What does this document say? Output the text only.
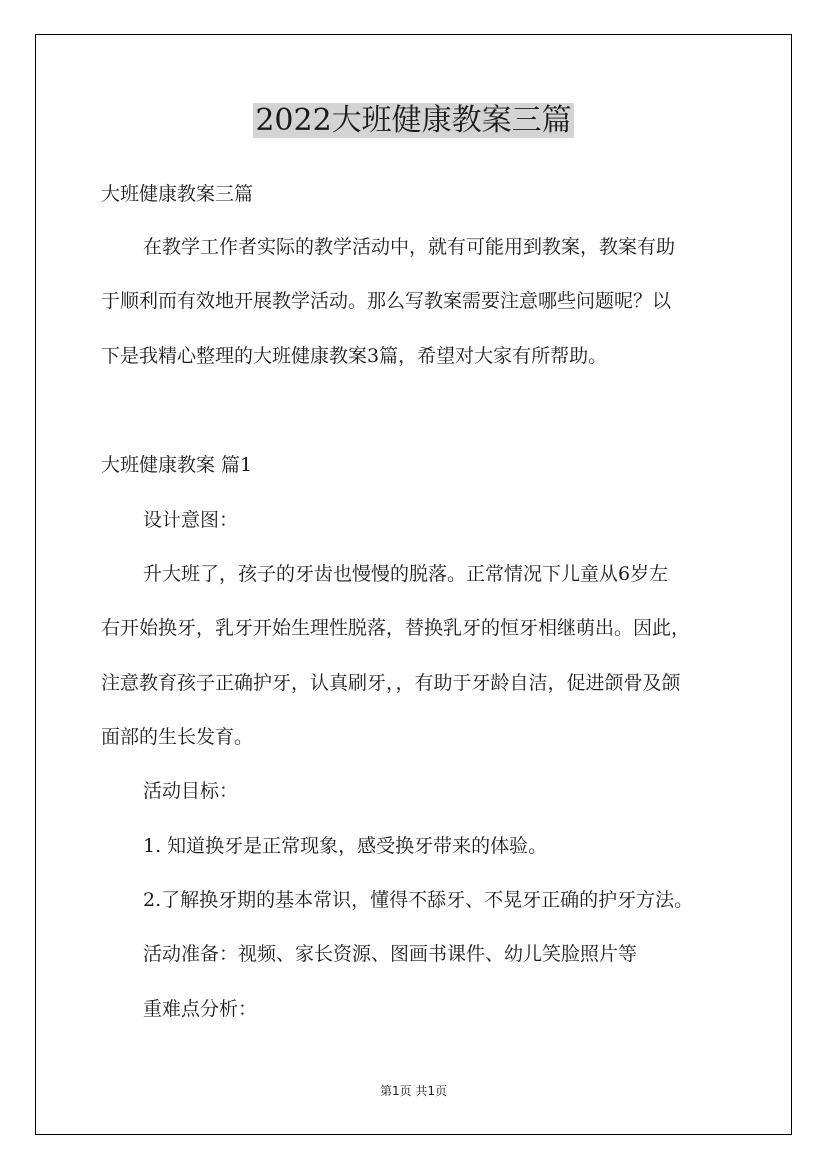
2022大班健康教案三篇
大班健康教案三篇
在教学工作者实际的教学活动中，就有可能用到教案，教案有助
于顺利而有效地开展教学活动。那么写教案需要注意哪些问题呢？以
下是我精心整理的大班健康教案3篇，希望对大家有所帮助。
大班健康教案 篇1
设计意图：
升大班了，孩子的牙齿也慢慢的脱落。正常情况下儿童从6岁左
右开始换牙，乳牙开始生理性脱落，替换乳牙的恒牙相继萌出。因此，
注意教育孩子正确护牙，认真刷牙，，有助于牙龄自洁，促进颌骨及颌
面部的生长发育。
活动目标：
1. 知道换牙是正常现象，感受换牙带来的体验。
2.了解换牙期的基本常识，懂得不舔牙、不晃牙正确的护牙方法。
活动准备：视频、家长资源、图画书课件、幼儿笑脸照片等
重难点分析：
第1页 共1页
